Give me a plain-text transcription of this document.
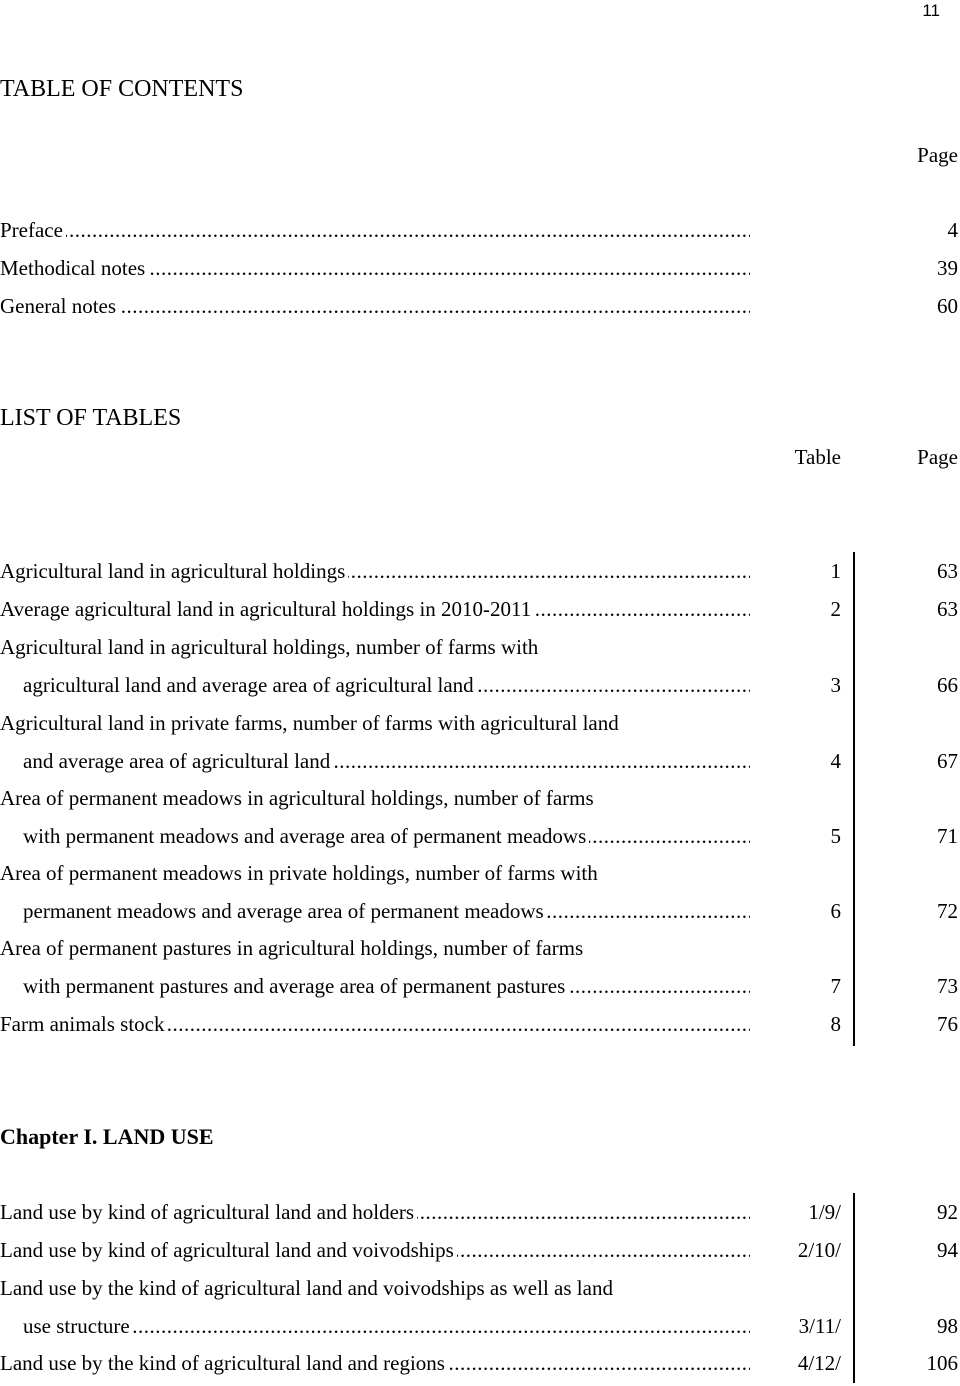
11
TABLE OF CONTENTS
Page
Preface .....	4
Methodical notes .....	39
General notes .....	60
LIST OF TABLES
Table	Page
Agricultural land in agricultural holdings .....	1	63
Average agricultural land in agricultural holdings in 2010-2011 .....	2	63
Agricultural land in agricultural holdings, number of farms with
agricultural land and average area of agricultural land .....	3	66
Agricultural land in private farms, number of farms with agricultural land
and average area of agricultural land .....	4	67
Area of permanent meadows in agricultural holdings, number of farms
with permanent meadows and average area of permanent meadows .....	5	71
Area of permanent meadows in private holdings, number of farms with
permanent meadows and average area of permanent meadows .....	6	72
Area of permanent pastures in agricultural holdings, number of farms
with permanent pastures and average area of permanent pastures .....	7	73
Farm animals stock .....	8	76
Chapter I. LAND USE
Land use by kind of agricultural land and holders .....	1/9/	92
Land use by kind of agricultural land and voivodships .....	2/10/	94
Land use by the kind of agricultural land and voivodships as well as land
use structure .....	3/11/	98
Land use by the kind of agricultural land and regions .....	4/12/	106
